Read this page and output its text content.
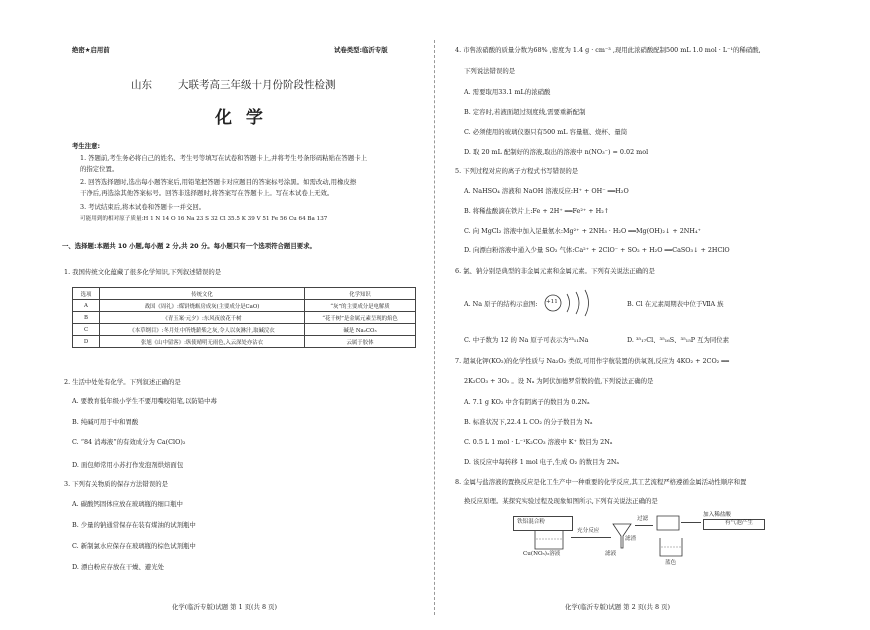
绝密★启用前	试卷类型:临沂专版
山东 大联考高三年级十月份阶段性检测
化 学
考生注意:
1. 答题前,考生务必将自己的姓名、考生号等填写在试卷和答题卡上,并将考生号条形码粘贴在答题卡上
的指定位置。
2. 回答选择题时,选出每小题答案后,用铅笔把答题卡对应题目的答案标号涂黑。如需改动,用橡皮擦
干净后,再选涂其他答案标号。回答非选择题时,将答案写在答题卡上。写在本试卷上无效。
3. 考试结束后,将本试卷和答题卡一并交回。
可能用到的相对原子质量:H 1 N 14 O 16 Na 23 S 32 Cl 35.5 K 39 V 51 Fe 56 Cu 64 Ba 137
一、选择题:本题共 10 小题,每小题 2 分,共 20 分。每小题只有一个选项符合题目要求。
1. 我国传统文化蕴藏了很多化学知识,下列叙述错误的是
选项	传统文化	化学知识
A	战国《周礼》:煤饼烧蛎房成灰(主要成分是CaO)	“灰”的主要成分是电解质
B	《青玉案·元夕》:东风夜放花千树	“花千树”是金属元素呈现的焰色
C	《本草纲目》:冬月灶中所烧薪柴之灰,令人以灰淋汁,取碱浣衣	碱是 Na₂CO₃
D	张旭《山中留客》:纵使晴明无雨色,入云深处亦沾衣	云属于胶体
2. 生活中处处有化学。下列叙述正确的是
A. 要教育低年级小学生不要用嘴咬铅笔,以防铅中毒
B. 纯碱可用于中和胃酸
C. “84 消毒液”的有效成分为 Ca(ClO)₂
D. 面包师常用小苏打作发泡剂烘焙面包
3. 下列有关物质的保存方法错误的是
A. 碳酸钙固体应放在玻璃瓶的细口瓶中
B. 少量的钠通常保存在装有煤油的试剂瓶中
C. 新制氯水应保存在玻璃瓶的棕色试剂瓶中
D. 漂白粉应存放在干燥、避光处
化学(临沂专版)试题 第 1 页(共 8 页)
4. 市售浓硝酸的质量分数为68% ,密度为 1.4 g · cm⁻³ ,现用此浓硝酸配制500 mL 1.0 mol · L⁻¹的稀硝酸,
下列说法错误的是
A. 需要取用33.1 mL的浓硝酸
B. 定容时,若液面超过刻度线,需要重新配制
C. 必须使用的玻璃仪器只有500 mL 容量瓶、烧杯、量筒
D. 取 20 mL 配制好的溶液,取出的溶液中 n(NO₃⁻) = 0.02 mol
5. 下列过程对应的离子方程式书写错误的是
A. NaHSO₄ 溶液和 NaOH 溶液反应:H⁺ + OH⁻ ══H₂O
B. 将稀盐酸滴在铁片上:Fe + 2H⁺ ══Fe²⁺ + H₂↑
C. 向 MgCl₂ 溶液中加入足量氨水:Mg²⁺ + 2NH₃ · H₂O ══Mg(OH)₂↓ + 2NH₄⁺
D. 向漂白粉溶液中通入少量 SO₂ 气体:Ca²⁺ + 2ClO⁻ + SO₂ + H₂O ══CaSO₃↓ + 2HClO
6. 氯、钠分别是典型的非金属元素和金属元素。下列有关说法正确的是
A. Na 原子的结构示意图: +11	B. Cl 在元素周期表中位于ⅦA 族
C. 中子数为 12 的 Na 原子可表示为²³₁₁Na	D. ³⁵₁₇Cl、³⁵₁₆S、³⁵₁₅P 互为同位素
7. 超氧化钾(KO₂)的化学性质与 Na₂O₂ 类似,可用作宇航装置的供氧剂,反应为 4KO₂ + 2CO₂ ══
2K₂CO₃ + 3O₂ 。设 Nₐ 为阿伏加德罗常数的值,下列说法正确的是
A. 7.1 g KO₂ 中含有阴离子的数目为 0.2Nₐ
B. 标准状况下,22.4 L CO₂ 的分子数目为 Nₐ
C. 0.5 L 1 mol · L⁻¹K₂CO₃ 溶液中 K⁺ 数目为 2Nₐ
D. 该反应中每转移 1 mol 电子,生成 O₂ 的数目为 2Nₐ
8. 金属与盐溶液的置换反应是化工生产中一种重要的化学反应,其工艺流程严格遵循金属活动性顺序和置
换反应原理。某探究实验过程及现象如图所示,下列有关说法正确的是
铁铝混合粉
Cu(NO₃)₂溶液
充分反应
滤渣
滤液
过滤
加入稀盐酸
有气泡产生
蓝色
化学(临沂专版)试题 第 2 页(共 8 页)
